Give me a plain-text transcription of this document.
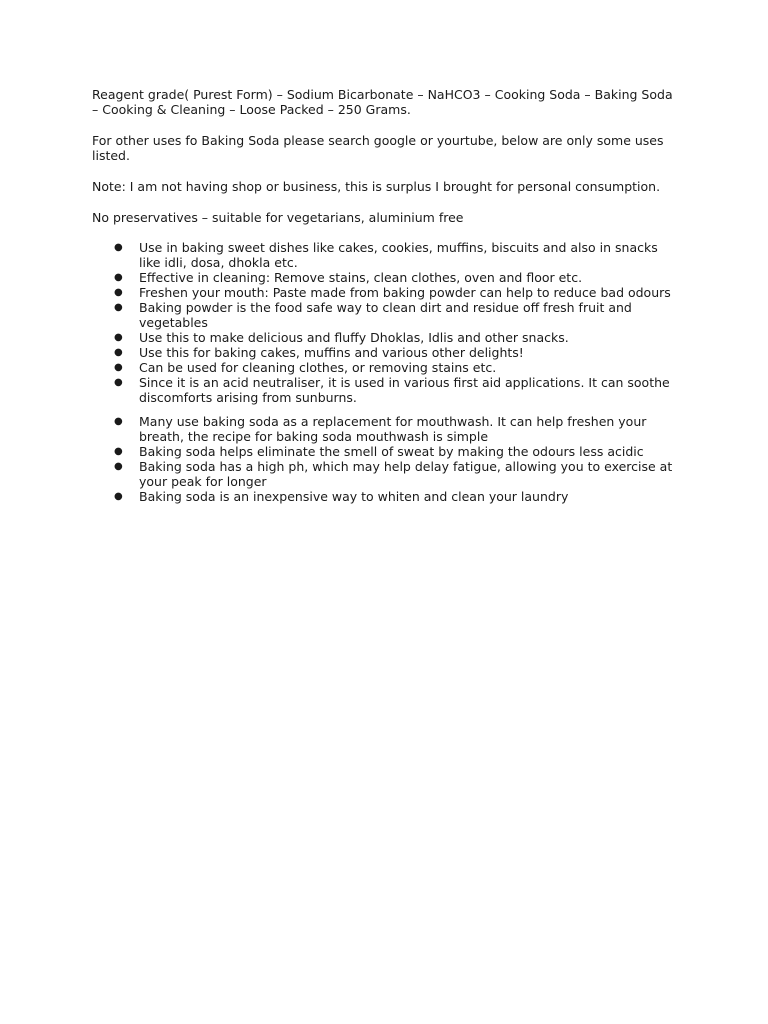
Reagent grade( Purest Form) – Sodium Bicarbonate – NaHCO3 – Cooking Soda – Baking Soda – Cooking & Cleaning – Loose Packed – 250 Grams.

For other uses fo Baking Soda please search google or yourtube, below are only some uses listed.

Note: I am not having shop or business, this is surplus I brought for personal consumption.

No preservatives – suitable for vegetarians, aluminium free

● Use in baking sweet dishes like cakes, cookies, muffins, biscuits and also in snacks like idli, dosa, dhokla etc.
● Effective in cleaning: Remove stains, clean clothes, oven and floor etc.
● Freshen your mouth: Paste made from baking powder can help to reduce bad odours
● Baking powder is the food safe way to clean dirt and residue off fresh fruit and vegetables
● Use this to make delicious and fluffy Dhoklas, Idlis and other snacks.
● Use this for baking cakes, muffins and various other delights!
● Can be used for cleaning clothes, or removing stains etc.
● Since it is an acid neutraliser, it is used in various first aid applications. It can soothe discomforts arising from sunburns.
● Many use baking soda as a replacement for mouthwash. It can help freshen your breath, the recipe for baking soda mouthwash is simple
● Baking soda helps eliminate the smell of sweat by making the odours less acidic
● Baking soda has a high ph, which may help delay fatigue, allowing you to exercise at your peak for longer
● Baking soda is an inexpensive way to whiten and clean your laundry
